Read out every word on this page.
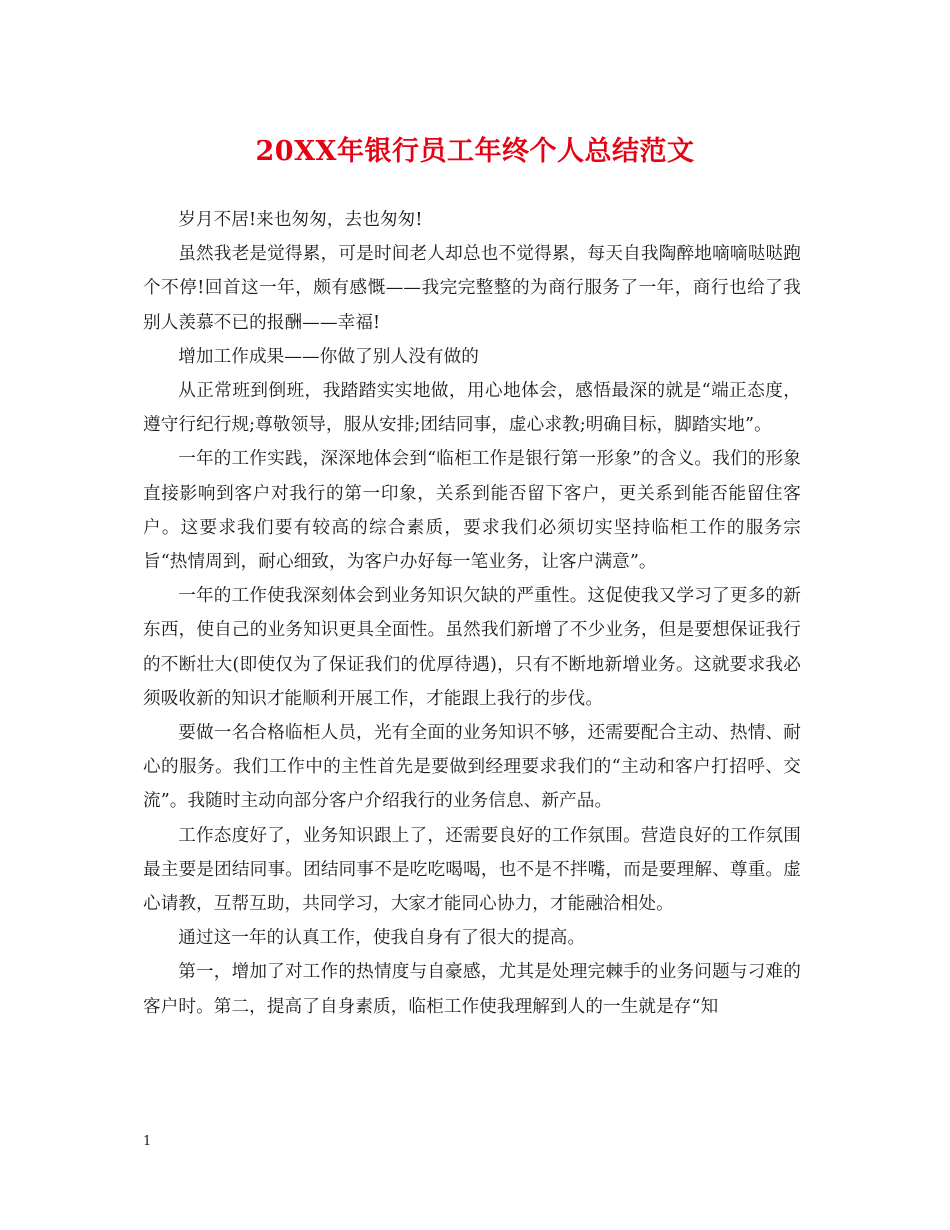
20XX年银行员工年终个人总结范文

岁月不居!来也匆匆，去也匆匆!

虽然我老是觉得累，可是时间老人却总也不觉得累，每天自我陶醉地嘀嘀哒哒跑个不停!回首这一年，颇有感慨——我完完整整的为商行服务了一年，商行也给了我别人羡慕不已的报酬——幸福!

增加工作成果——你做了别人没有做的

从正常班到倒班，我踏踏实实地做，用心地体会，感悟最深的就是“端正态度，遵守行纪行规;尊敬领导，服从安排;团结同事，虚心求教;明确目标，脚踏实地”。

一年的工作实践，深深地体会到“临柜工作是银行第一形象”的含义。我们的形象直接影响到客户对我行的第一印象，关系到能否留下客户，更关系到能否能留住客户。这要求我们要有较高的综合素质，要求我们必须切实坚持临柜工作的服务宗旨“热情周到，耐心细致，为客户办好每一笔业务，让客户满意”。

一年的工作使我深刻体会到业务知识欠缺的严重性。这促使我又学习了更多的新东西，使自己的业务知识更具全面性。虽然我们新增了不少业务，但是要想保证我行的不断壮大(即使仅为了保证我们的优厚待遇)，只有不断地新增业务。这就要求我必须吸收新的知识才能顺利开展工作，才能跟上我行的步伐。

要做一名合格临柜人员，光有全面的业务知识不够，还需要配合主动、热情、耐心的服务。我们工作中的主性首先是要做到经理要求我们的“主动和客户打招呼、交流”。我随时主动向部分客户介绍我行的业务信息、新产品。

工作态度好了，业务知识跟上了，还需要良好的工作氛围。营造良好的工作氛围最主要是团结同事。团结同事不是吃吃喝喝，也不是不拌嘴，而是要理解、尊重。虚心请教，互帮互助，共同学习，大家才能同心协力，才能融洽相处。

通过这一年的认真工作，使我自身有了很大的提高。

第一，增加了对工作的热情度与自豪感，尤其是处理完棘手的业务问题与刁难的客户时。第二，提高了自身素质，临柜工作使我理解到人的一生就是存“知

1
